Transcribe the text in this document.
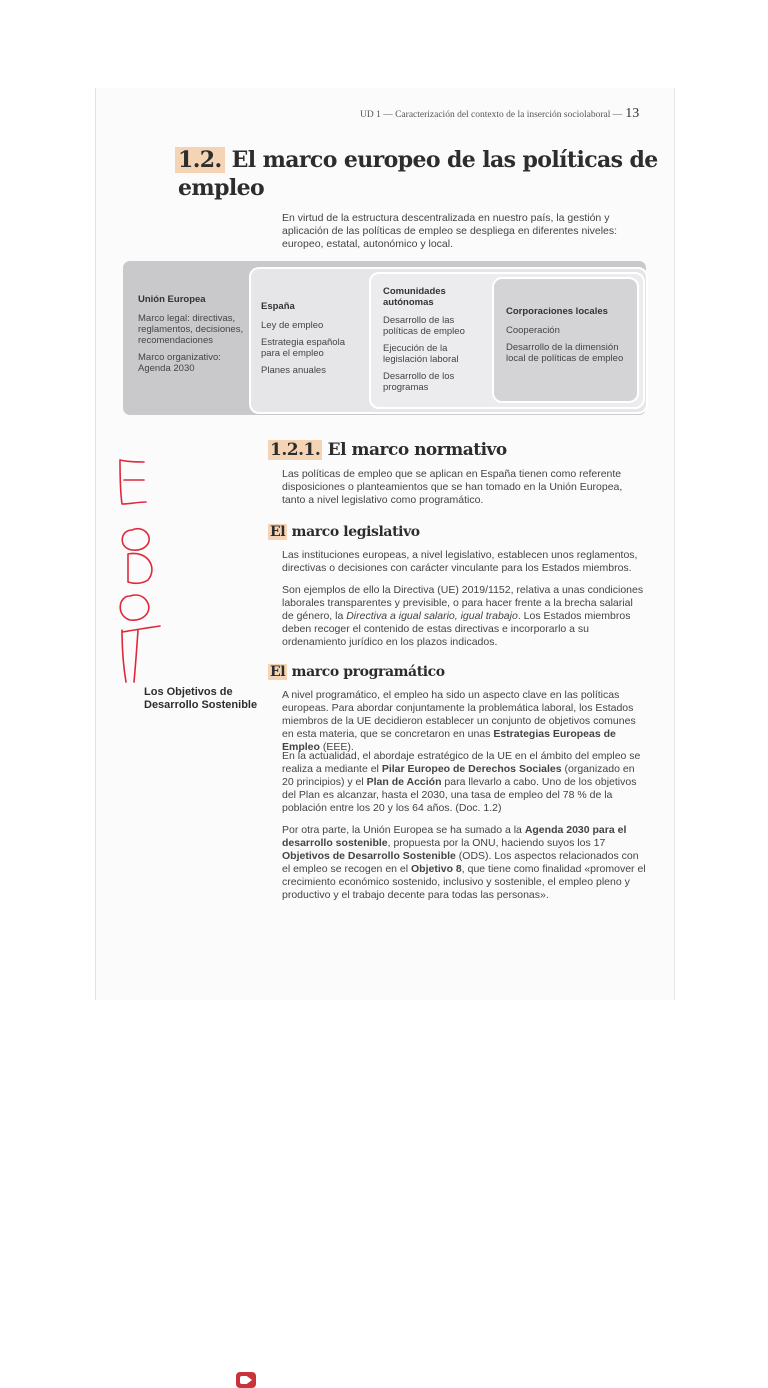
UD 1 — Caracterización del contexto de la inserción sociolaboral — 13
1.2. El marco europeo de las políticas de empleo

En virtud de la estructura descentralizada en nuestro país, la gestión y aplicación de las políticas de empleo se despliega en diferentes niveles: europeo, estatal, autonómico y local.

Unión Europea
Marco legal: directivas, reglamentos, decisiones, recomendaciones
Marco organizativo: Agenda 2030
España
Ley de empleo
Estrategia española para el empleo
Planes anuales
Comunidades autónomas
Desarrollo de las políticas de empleo
Ejecución de la legislación laboral
Desarrollo de los programas
Corporaciones locales
Cooperación
Desarrollo de la dimensión local de políticas de empleo
1.2.1. El marco normativo

Las políticas de empleo que se aplican en España tienen como referente disposiciones o planteamientos que se han tomado en la Unión Europea, tanto a nivel legislativo como programático.

El marco legislativo

Las instituciones europeas, a nivel legislativo, establecen unos reglamentos, directivas o decisiones con carácter vinculante para los Estados miembros.

Son ejemplos de ello la Directiva (UE) 2019/1152, relativa a unas condiciones laborales transparentes y previsible, o para hacer frente a la brecha salarial de género, la Directiva a igual salario, igual trabajo. Los Estados miembros deben recoger el contenido de estas directivas e incorporarlo a su ordenamiento jurídico en los plazos indicados.

El marco programático

A nivel programático, el empleo ha sido un aspecto clave en las políticas europeas. Para abordar conjuntamente la problemática laboral, los Estados miembros de la UE decidieron establecer un conjunto de objetivos comunes en esta materia, que se concretaron en unas Estrategias Europeas de Empleo (EEE).

En la actualidad, el abordaje estratégico de la UE en el ámbito del empleo se realiza a mediante el Pilar Europeo de Derechos Sociales (organizado en 20 principios) y el Plan de Acción para llevarlo a cabo. Uno de los objetivos del Plan es alcanzar, hasta el 2030, una tasa de empleo del 78 % de la población entre los 20 y los 64 años. (Doc. 1.2)

Por otra parte, la Unión Europea se ha sumado a la Agenda 2030 para el desarrollo sostenible, propuesta por la ONU, haciendo suyos los 17 Objetivos de Desarrollo Sostenible (ODS). Los aspectos relacionados con el empleo se recogen en el Objetivo 8, que tiene como finalidad «promover el crecimiento económico sostenido, inclusivo y sostenible, el empleo pleno y productivo y el trabajo decente para todas las personas».

Los Objetivos de Desarrollo Sostenible
